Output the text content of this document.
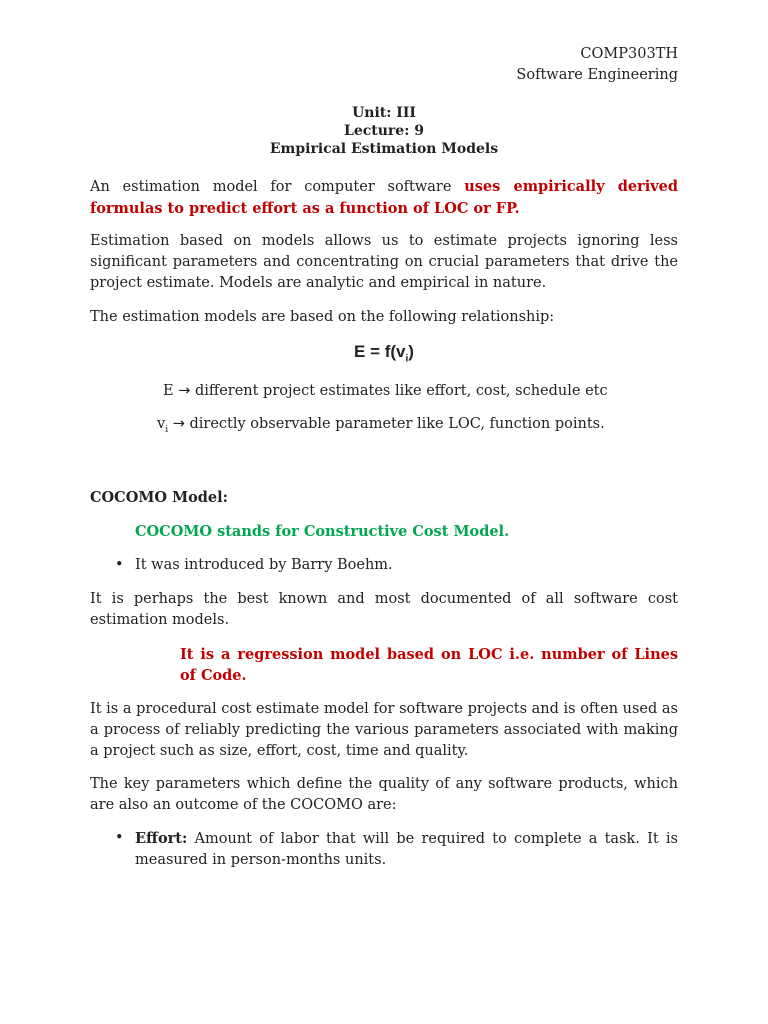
COMP303TH
Software Engineering
Unit: III
Lecture: 9
Empirical Estimation Models

An estimation model for computer software uses empirically derived formulas to predict effort as a function of LOC or FP.

Estimation based on models allows us to estimate projects ignoring less significant parameters and concentrating on crucial parameters that drive the project estimate. Models are analytic and empirical in nature.

The estimation models are based on the following relationship:

$E = f(v_i)$

E → different project estimates like effort, cost, schedule etc

$v_i$ → directly observable parameter like LOC, function points.

COCOMO Model:

COCOMO stands for Constructive Cost Model.

• It was introduced by Barry Boehm.

It is perhaps the best known and most documented of all software cost estimation models.

It is a regression model based on LOC i.e. number of Lines of Code.

It is a procedural cost estimate model for software projects and is often used as a process of reliably predicting the various parameters associated with making a project such as size, effort, cost, time and quality.

The key parameters which define the quality of any software products, which are also an outcome of the COCOMO are:

• Effort: Amount of labor that will be required to complete a task. It is measured in person-months units.
